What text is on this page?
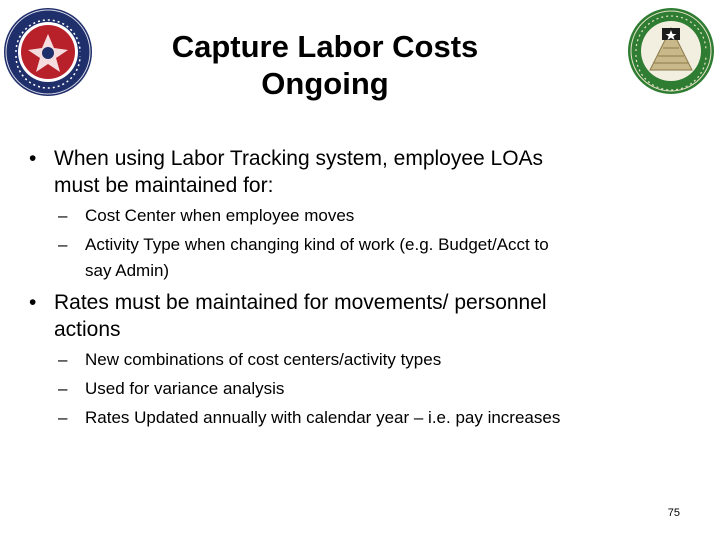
Capture Labor Costs
Ongoing
• When using Labor Tracking system, employee LOAs
must be maintained for:
– Cost Center when employee moves
– Activity Type when changing kind of work (e.g. Budget/Acct to
say Admin)
• Rates must be maintained for movements/ personnel
actions
– New combinations of cost centers/activity types
– Used for variance analysis
– Rates Updated annually with calendar year – i.e. pay increases
75
